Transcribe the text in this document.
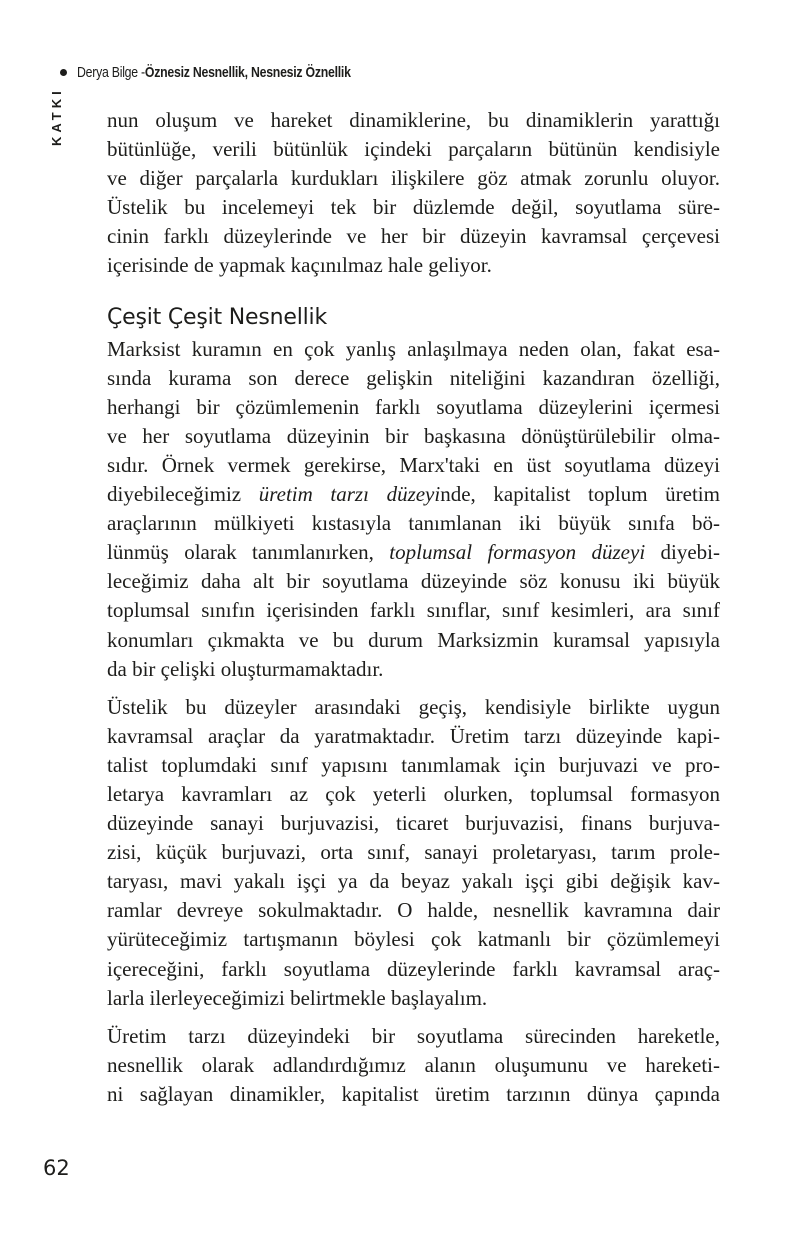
Derya Bilge -Öznesiz Nesnellik, Nesnesiz Öznellik
KATKI nun oluşum ve hareket dinamiklerine, bu dinamiklerin yarattığı
bütünlüğe, verili bütünlük içindeki parçaların bütünün kendisiyle
ve diğer parçalarla kurdukları ilişkilere göz atmak zorunlu oluyor.
Üstelik bu incelemeyi tek bir düzlemde değil, soyutlama süre-
cinin farklı düzeylerinde ve her bir düzeyin kavramsal çerçevesi
içerisinde de yapmak kaçınılmaz hale geliyor.

Çeşit Çeşit Nesnellik

Marksist kuramın en çok yanlış anlaşılmaya neden olan, fakat esa-
sında kurama son derece gelişkin niteliğini kazandıran özelliği,
herhangi bir çözümlemenin farklı soyutlama düzeylerini içermesi
ve her soyutlama düzeyinin bir başkasına dönüştürülebilir olma-
sıdır. Örnek vermek gerekirse, Marx'taki en üst soyutlama düzeyi
diyebileceğimiz üretim tarzı düzeyinde, kapitalist toplum üretim
araçlarının mülkiyeti kıstasıyla tanımlanan iki büyük sınıfa bö-
lünmüş olarak tanımlanırken, toplumsal formasyon düzeyi diyebi-
leceğimiz daha alt bir soyutlama düzeyinde söz konusu iki büyük
toplumsal sınıfın içerisinden farklı sınıflar, sınıf kesimleri, ara sınıf
konumları çıkmakta ve bu durum Marksizmin kuramsal yapısıyla
da bir çelişki oluşturmamaktadır.

Üstelik bu düzeyler arasındaki geçiş, kendisiyle birlikte uygun
kavramsal araçlar da yaratmaktadır. Üretim tarzı düzeyinde kapi-
talist toplumdaki sınıf yapısını tanımlamak için burjuvazi ve pro-
letarya kavramları az çok yeterli olurken, toplumsal formasyon
düzeyinde sanayi burjuvazisi, ticaret burjuvazisi, finans burjuva-
zisi, küçük burjuvazi, orta sınıf, sanayi proletaryası, tarım prole-
taryası, mavi yakalı işçi ya da beyaz yakalı işçi gibi değişik kav-
ramlar devreye sokulmaktadır. O halde, nesnellik kavramına dair
yürüteceğimiz tartışmanın böylesi çok katmanlı bir çözümlemeyi
içereceğini, farklı soyutlama düzeylerinde farklı kavramsal araç-
larla ilerleyeceğimizi belirtmekle başlayalım.

Üretim tarzı düzeyindeki bir soyutlama sürecinden hareketle,
nesnellik olarak adlandırdığımız alanın oluşumunu ve hareketi-
ni sağlayan dinamikler, kapitalist üretim tarzının dünya çapında

62
